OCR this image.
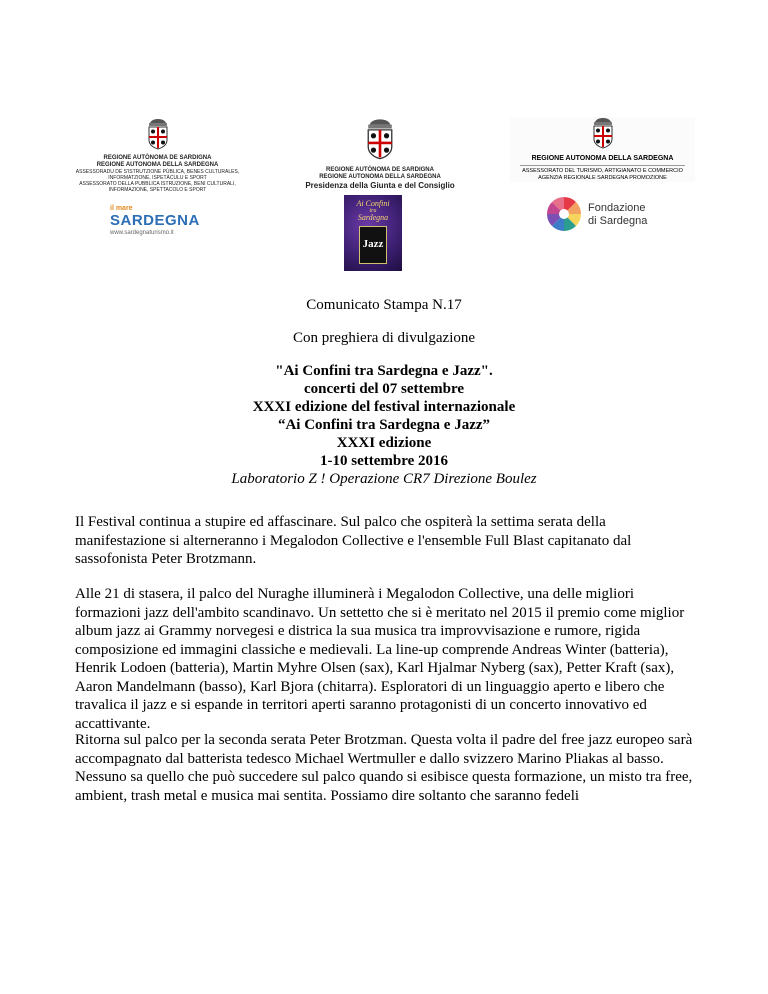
REGIONE AUTÒNOMA DE SARDIGNA
REGIONE AUTONOMA DELLA SARDEGNA
ASSESSORADU DE S'ISTRUTZIONE PÙBLICA, BENES CULTURALES,
INFORMATZIONE, ISPETÀCULU E SPORT
ASSESSORATO DELLA PUBBLICA ISTRUZIONE, BENI CULTURALI,
INFORMAZIONE, SPETTACOLO E SPORT
REGIONE AUTÒNOMA DE SARDIGNA
REGIONE AUTONOMA DELLA SARDEGNA
Presidenza della Giunta e del Consiglio
REGIONE AUTONOMA DELLA SARDEGNA
ASSESSORATO DEL TURISMO, ARTIGIANATO E COMMERCIO
AGENZIA REGIONALE SARDEGNA PROMOZIONE
il mare
SARDEGNA
www.sardegnaturismo.it
Ai Confini
tra
Sardegna
Jazz
Fondazione
di Sardegna
Comunicato Stampa N.17
Con preghiera di divulgazione
"Ai Confini tra Sardegna e Jazz".
concerti del 07 settembre
XXXI edizione del festival internazionale
“Ai Confini tra Sardegna e Jazz”
XXXI edizione
1-10 settembre 2016
Laboratorio Z ! Operazione CR7 Direzione Boulez
Il Festival continua a stupire ed affascinare. Sul palco che ospiterà la settima serata della manifestazione si alterneranno i Megalodon Collective e l'ensemble Full Blast capitanato dal sassofonista Peter Brotzmann.
Alle 21 di stasera, il palco del Nuraghe illuminerà i Megalodon Collective, una delle migliori formazioni jazz dell'ambito scandinavo. Un settetto che si è meritato nel 2015 il premio come miglior album jazz ai Grammy norvegesi e districa la sua musica tra improvvisazione e rumore, rigida composizione ed immagini classiche e medievali. La line-up comprende Andreas Winter (batteria), Henrik Lodoen (batteria), Martin Myhre Olsen (sax), Karl Hjalmar Nyberg (sax), Petter Kraft (sax), Aaron Mandelmann (basso), Karl Bjora (chitarra). Esploratori di un linguaggio aperto e libero che travalica il jazz e si espande in territori aperti saranno protagonisti di un concerto innovativo ed accattivante.
Ritorna sul palco per la seconda serata Peter Brotzman. Questa volta il padre del free jazz europeo sarà accompagnato dal batterista tedesco Michael Wertmuller e dallo svizzero Marino Pliakas al basso. Nessuno sa quello che può succedere sul palco quando si esibisce questa formazione, un misto tra free, ambient, trash metal e musica mai sentita. Possiamo dire soltanto che saranno fedeli
